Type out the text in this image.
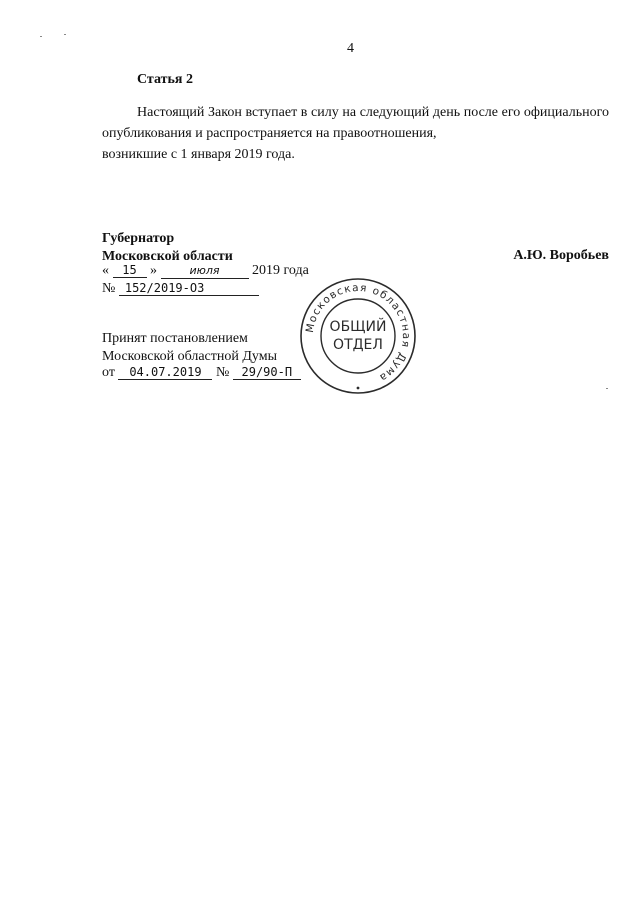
4
Статья 2

Настоящий Закон вступает в силу на следующий день после его официального опубликования и распространяется на правоотношения,
возникшие с 1 января 2019 года.

Губернатор
Московской области	А.Ю. Воробьев
« 15 »	июля 2019 года
№ 152/2019-ОЗ
Принят постановлением
Московской областной Думы
от 04.07.2019 № 29/90-П
Московская областная Дума
ОБЩИЙ
ОТДЕЛ
